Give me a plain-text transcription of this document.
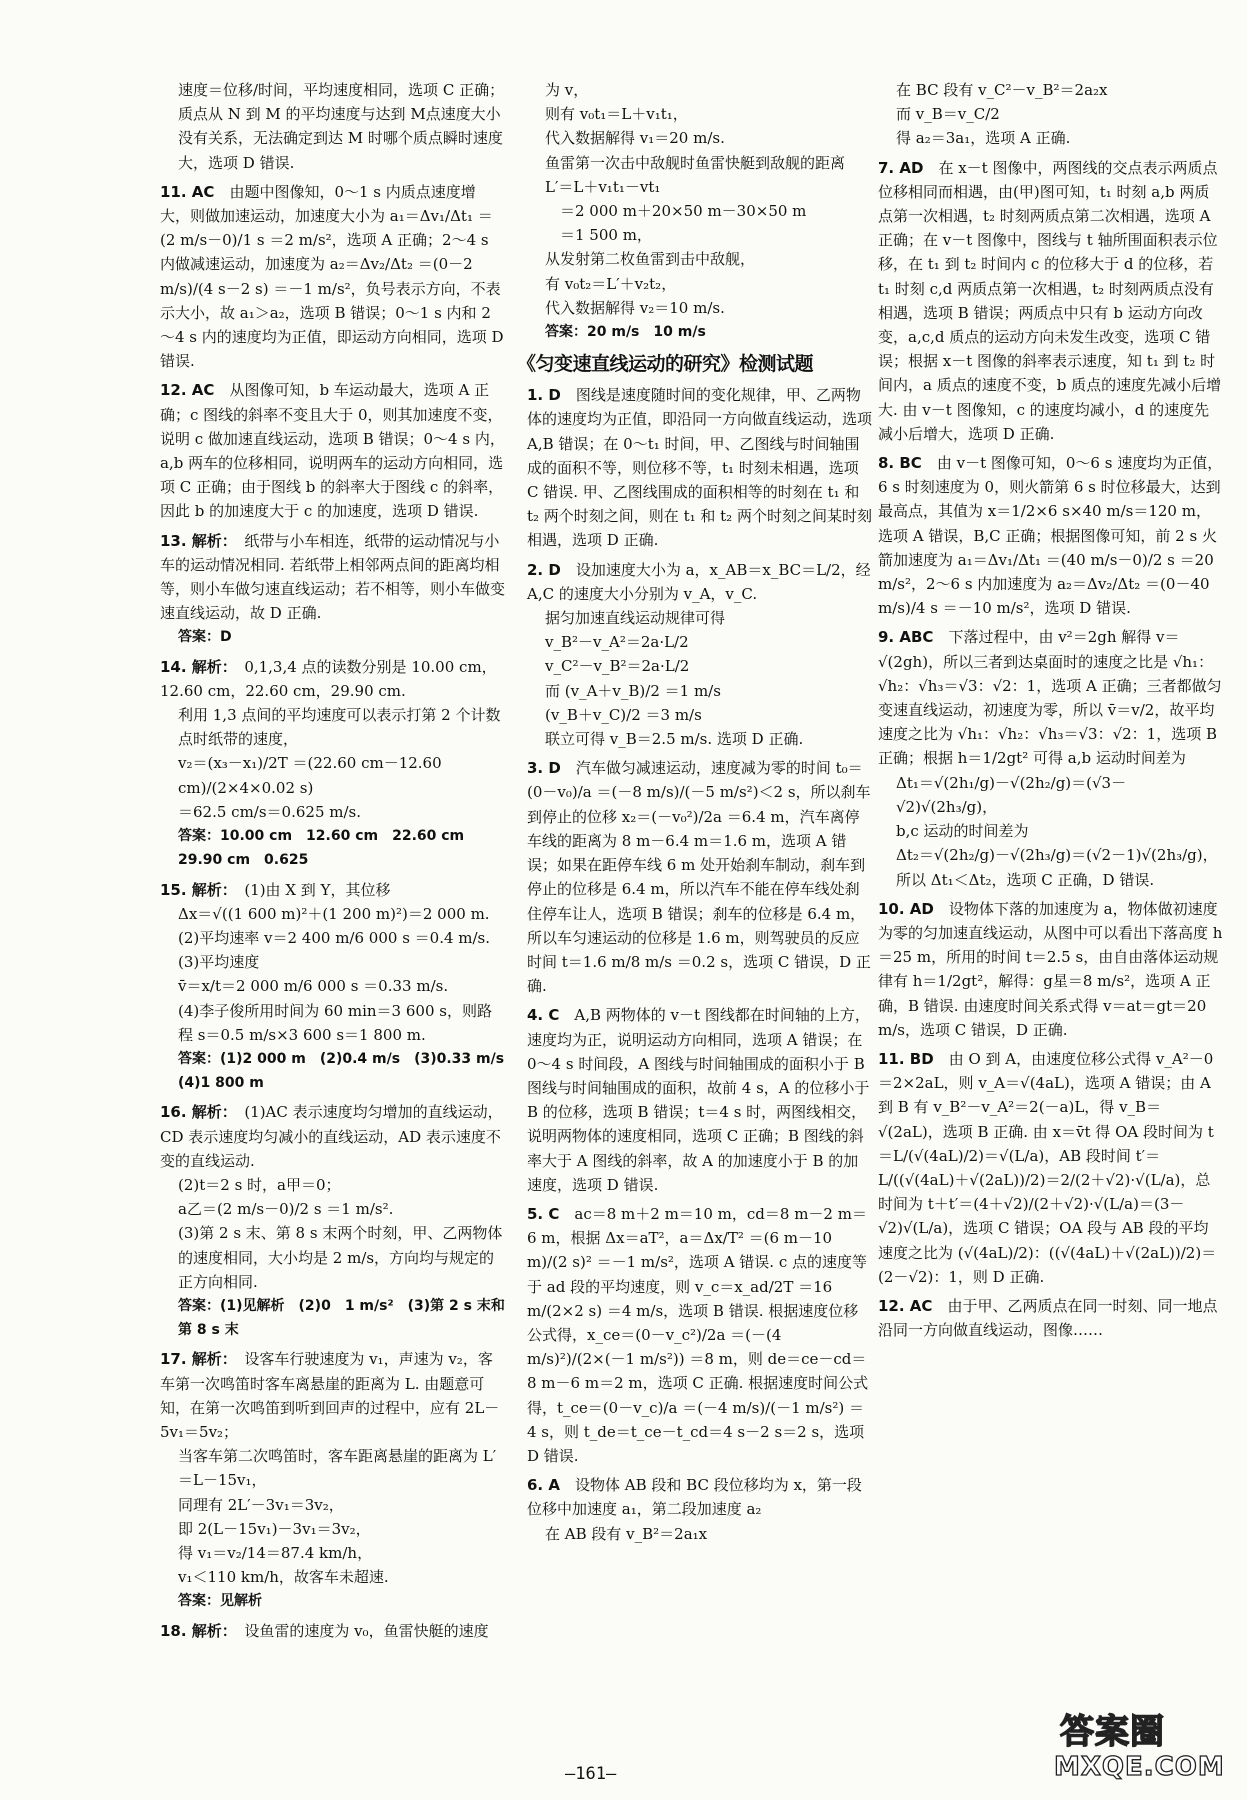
速度＝位移/时间，平均速度相同，选项 C 正确；

质点从 N 到 M 的平均速度与达到 M点速度大小没有关系，无法确定到达 M 时哪个质点瞬时速度大，选项 D 错误.

11. AC　 由题中图像知，0～1 s 内质点速度增大，则做加速运动，加速度大小为 a₁＝Δv₁/Δt₁ ＝(2 m/s－0)/1 s ＝2 m/s²，选项 A 正确；2～4 s 内做减速运动，加速度为 a₂＝Δv₂/Δt₂ ＝(0－2 m/s)/(4 s－2 s) ＝－1 m/s²，负号表示方向，不表示大小，故 a₁＞a₂，选项 B 错误；0～1 s 内和 2～4 s 内的速度均为正值，即运动方向相同，选项 D 错误.

12. AC　 从图像可知，b 车运动最大，选项 A 正确；c 图线的斜率不变且大于 0，则其加速度不变，说明 c 做加速直线运动，选项 B 错误；0～4 s 内，a,b 两车的位移相同，说明两车的运动方向相同，选项 C 正确；由于图线 b 的斜率大于图线 c 的斜率，因此 b 的加速度大于 c 的加速度，选项 D 错误.

13. 解析：　 纸带与小车相连，纸带的运动情况与小车的运动情况相同. 若纸带上相邻两点间的距离均相等，则小车做匀速直线运动；若不相等，则小车做变速直线运动，故 D 正确.

答案：D

14. 解析：　 0,1,3,4 点的读数分别是 10.00 cm，12.60 cm，22.60 cm，29.90 cm.

利用 1,3 点间的平均速度可以表示打第 2 个计数点时纸带的速度，

v₂＝(x₃－x₁)/2T ＝(22.60 cm－12.60 cm)/(2×4×0.02 s)

＝62.5 cm/s＝0.625 m/s.

答案：10.00 cm　12.60 cm　22.60 cm　29.90 cm　0.625

15. 解析：　 (1)由 X 到 Y，其位移

Δx＝√((1 600 m)²＋(1 200 m)²)＝2 000 m.

(2)平均速率 v＝2 400 m/6 000 s ＝0.4 m/s.

(3)平均速度

v̄＝x/t＝2 000 m/6 000 s ＝0.33 m/s.

(4)李子俊所用时间为 60 min＝3 600 s，则路程 s＝0.5 m/s×3 600 s＝1 800 m.

答案：(1)2 000 m　(2)0.4 m/s　(3)0.33 m/s　(4)1 800 m

16. 解析：　 (1)AC 表示速度均匀增加的直线运动，CD 表示速度均匀减小的直线运动，AD 表示速度不变的直线运动.

(2)t＝2 s 时，a甲＝0；

a乙＝(2 m/s－0)/2 s ＝1 m/s².

(3)第 2 s 末、第 8 s 末两个时刻，甲、乙两物体的速度相同，大小均是 2 m/s，方向均与规定的正方向相同.

答案：(1)见解析　(2)0　1 m/s²　(3)第 2 s 末和第 8 s 末

17. 解析：　 设客车行驶速度为 v₁，声速为 v₂，客车第一次鸣笛时客车离悬崖的距离为 L. 由题意可知，在第一次鸣笛到听到回声的过程中，应有 2L－5v₁＝5v₂；

当客车第二次鸣笛时，客车距离悬崖的距离为 L′＝L－15v₁，

同理有 2L′－3v₁＝3v₂，

即 2(L－15v₁)－3v₁＝3v₂，

得 v₁＝v₂/14＝87.4 km/h，

v₁＜110 km/h，故客车未超速.

答案：见解析

18. 解析：　 设鱼雷的速度为 v₀，鱼雷快艇的速度

为 v，

则有 v₀t₁＝L＋v₁t₁，

代入数据解得 v₁＝20 m/s.

鱼雷第一次击中敌舰时鱼雷快艇到敌舰的距离

L′＝L＋v₁t₁－vt₁

　＝2 000 m＋20×50 m－30×50 m

　＝1 500 m，

从发射第二枚鱼雷到击中敌舰，

有 v₀t₂＝L′＋v₂t₂，

代入数据解得 v₂＝10 m/s.

答案：20 m/s　10 m/s

《匀变速直线运动的研究》检测试题

1. D　 图线是速度随时间的变化规律，甲、乙两物体的速度均为正值，即沿同一方向做直线运动，选项 A,B 错误；在 0～t₁ 时间，甲、乙图线与时间轴围成的面积不等，则位移不等，t₁ 时刻未相遇，选项 C 错误. 甲、乙图线围成的面积相等的时刻在 t₁ 和 t₂ 两个时刻之间，则在 t₁ 和 t₂ 两个时刻之间某时刻相遇，选项 D 正确.

2. D　 设加速度大小为 a，x_AB＝x_BC＝L/2，经 A,C 的速度大小分别为 v_A，v_C.

据匀加速直线运动规律可得

v_B²－v_A²＝2a·L/2

v_C²－v_B²＝2a·L/2

而 (v_A＋v_B)/2 ＝1 m/s

(v_B＋v_C)/2 ＝3 m/s

联立可得 v_B＝2.5 m/s. 选项 D 正确.

3. D　 汽车做匀减速运动，速度减为零的时间 t₀＝(0－v₀)/a ＝(－8 m/s)/(－5 m/s²)＜2 s，所以刹车到停止的位移 x₂＝(－v₀²)/2a ＝6.4 m，汽车离停车线的距离为 8 m－6.4 m＝1.6 m，选项 A 错误；如果在距停车线 6 m 处开始刹车制动，刹车到停止的位移是 6.4 m，所以汽车不能在停车线处刹住停车让人，选项 B 错误；刹车的位移是 6.4 m，所以车匀速运动的位移是 1.6 m，则驾驶员的反应时间 t＝1.6 m/8 m/s ＝0.2 s，选项 C 错误，D 正确.

4. C　 A,B 两物体的 v－t 图线都在时间轴的上方，速度均为正，说明运动方向相同，选项 A 错误；在 0～4 s 时间段，A 图线与时间轴围成的面积小于 B 图线与时间轴围成的面积，故前 4 s，A 的位移小于 B 的位移，选项 B 错误；t＝4 s 时，两图线相交，说明两物体的速度相同，选项 C 正确；B 图线的斜率大于 A 图线的斜率，故 A 的加速度小于 B 的加速度，选项 D 错误.

5. C　 ac＝8 m＋2 m＝10 m，cd＝8 m－2 m＝6 m，根据 Δx＝aT²，a＝Δx/T² ＝(6 m－10 m)/(2 s)² ＝－1 m/s²，选项 A 错误. c 点的速度等于 ad 段的平均速度，则 v_c＝x_ad/2T ＝16 m/(2×2 s) ＝4 m/s，选项 B 错误. 根据速度位移公式得，x_ce＝(0－v_c²)/2a ＝(－(4 m/s)²)/(2×(－1 m/s²)) ＝8 m，则 de＝ce－cd＝8 m－6 m＝2 m，选项 C 正确. 根据速度时间公式得，t_ce＝(0－v_c)/a ＝(－4 m/s)/(－1 m/s²) ＝4 s，则 t_de＝t_ce－t_cd＝4 s－2 s＝2 s，选项 D 错误.

6. A　 设物体 AB 段和 BC 段位移均为 x，第一段位移中加速度 a₁，第二段加速度 a₂

在 AB 段有 v_B²＝2a₁x

在 BC 段有 v_C²－v_B²＝2a₂x

而 v_B＝v_C/2

得 a₂＝3a₁，选项 A 正确.

7. AD　 在 x－t 图像中，两图线的交点表示两质点位移相同而相遇，由(甲)图可知，t₁ 时刻 a,b 两质点第一次相遇，t₂ 时刻两质点第二次相遇，选项 A 正确；在 v－t 图像中，图线与 t 轴所围面积表示位移，在 t₁ 到 t₂ 时间内 c 的位移大于 d 的位移，若 t₁ 时刻 c,d 两质点第一次相遇，t₂ 时刻两质点没有相遇，选项 B 错误；两质点中只有 b 运动方向改变，a,c,d 质点的运动方向未发生改变，选项 C 错误；根据 x－t 图像的斜率表示速度，知 t₁ 到 t₂ 时间内，a 质点的速度不变，b 质点的速度先减小后增大. 由 v－t 图像知，c 的速度均减小，d 的速度先减小后增大，选项 D 正确.

8. BC　 由 v－t 图像可知，0～6 s 速度均为正值，6 s 时刻速度为 0，则火箭第 6 s 时位移最大，达到最高点，其值为 x＝1/2×6 s×40 m/s＝120 m，选项 A 错误，B,C 正确；根据图像可知，前 2 s 火箭加速度为 a₁＝Δv₁/Δt₁ ＝(40 m/s－0)/2 s ＝20 m/s²，2～6 s 内加速度为 a₂＝Δv₂/Δt₂ ＝(0－40 m/s)/4 s ＝－10 m/s²，选项 D 错误.

9. ABC　 下落过程中，由 v²＝2gh 解得 v＝√(2gh)，所以三者到达桌面时的速度之比是 √h₁：√h₂：√h₃＝√3：√2：1，选项 A 正确；三者都做匀变速直线运动，初速度为零，所以 v̄＝v/2，故平均速度之比为 √h₁：√h₂：√h₃＝√3：√2：1，选项 B 正确；根据 h＝1/2gt² 可得 a,b 运动时间差为

Δt₁＝√(2h₁/g)－√(2h₂/g)＝(√3－√2)√(2h₃/g)，

b,c 运动的时间差为

Δt₂＝√(2h₂/g)－√(2h₃/g)＝(√2－1)√(2h₃/g)，

所以 Δt₁＜Δt₂，选项 C 正确，D 错误.

10. AD　 设物体下落的加速度为 a，物体做初速度为零的匀加速直线运动，从图中可以看出下落高度 h＝25 m，所用的时间 t＝2.5 s，由自由落体运动规律有 h＝1/2gt²，解得：g星＝8 m/s²，选项 A 正确，B 错误. 由速度时间关系式得 v＝at＝gt＝20 m/s，选项 C 错误，D 正确.

11. BD　 由 O 到 A，由速度位移公式得 v_A²－0＝2×2aL，则 v_A＝√(4aL)，选项 A 错误；由 A 到 B 有 v_B²－v_A²＝2(－a)L，得 v_B＝√(2aL)，选项 B 正确. 由 x＝v̄t 得 OA 段时间为 t＝L/(√(4aL)/2)＝√(L/a)，AB 段时间 t′＝L/((√(4aL)＋√(2aL))/2)＝2/(2＋√2)·√(L/a)，总时间为 t＋t′＝(4＋√2)/(2＋√2)·√(L/a)＝(3－√2)√(L/a)，选项 C 错误；OA 段与 AB 段的平均速度之比为 (√(4aL)/2)：((√(4aL)＋√(2aL))/2)＝(2－√2)：1，则 D 正确.

12. AC　 由于甲、乙两质点在同一时刻、同一地点沿同一方向做直线运动，图像……

—161—
答案圈
MXQE.COM
